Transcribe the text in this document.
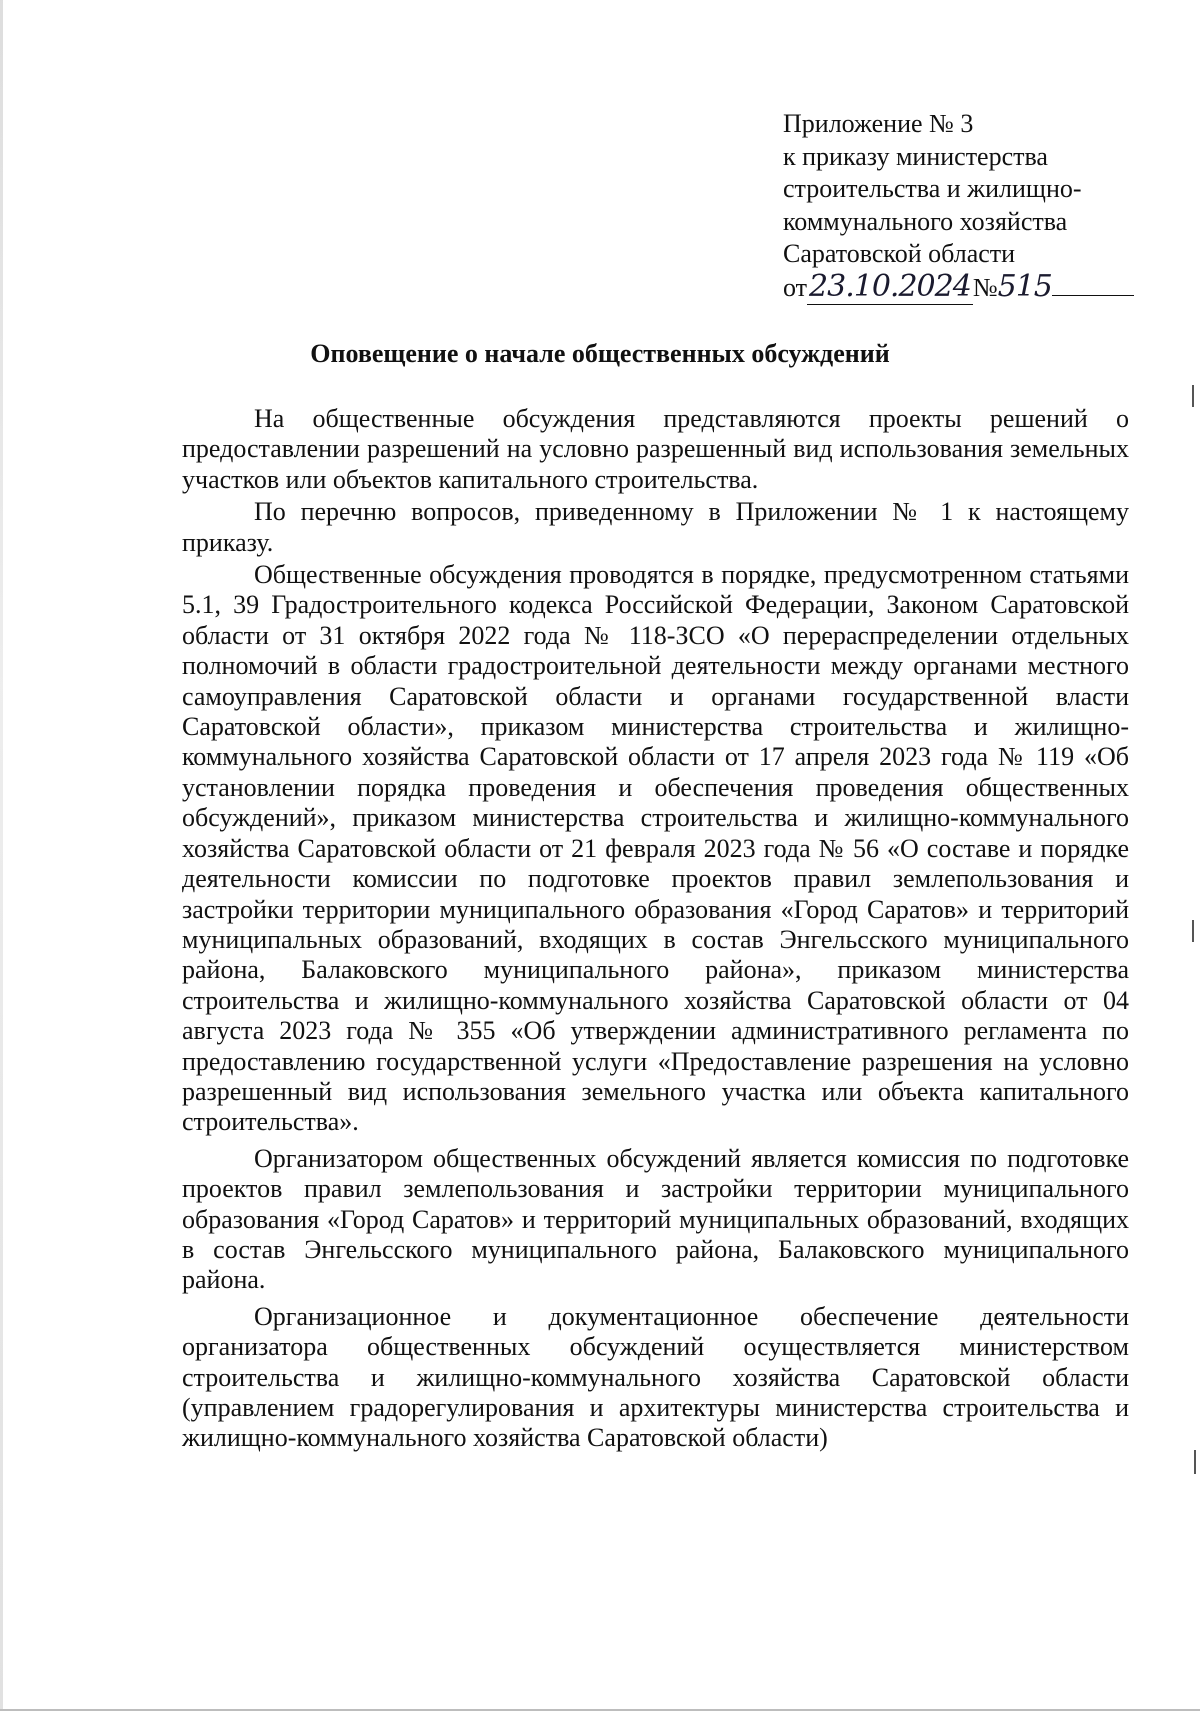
Приложение № 3
к приказу министерства
строительства и жилищно-
коммунального хозяйства
Саратовской области
от23.10.2024№515
Оповещение о начале общественных обсуждений

На общественные обсуждения представляются проекты решений о предоставлении разрешений на условно разрешенный вид использования земельных участков или объектов капитального строительства.

По перечню вопросов, приведенному в Приложении № 1 к настоящему приказу.

Общественные обсуждения проводятся в порядке, предусмотренном статьями 5.1, 39 Градостроительного кодекса Российской Федерации, Законом Саратовской области от 31 октября 2022 года № 118-ЗСО «О перераспределении отдельных полномочий в области градостроительной деятельности между органами местного самоуправления Саратовской области и органами государственной власти Саратовской области», приказом министерства строительства и жилищно-коммунального хозяйства Саратовской области от 17 апреля 2023 года № 119 «Об установлении порядка проведения и обеспечения проведения общественных обсуждений», приказом министерства строительства и жилищно-коммунального хозяйства Саратовской области от 21 февраля 2023 года № 56 «О составе и порядке деятельности комиссии по подготовке проектов правил землепользования и застройки территории муниципального образования «Город Саратов» и территорий муниципальных образований, входящих в состав Энгельсского муниципального района, Балаковского муниципального района», приказом министерства строительства и жилищно-коммунального хозяйства Саратовской области от 04 августа 2023 года № 355 «Об утверждении административного регламента по предоставлению государственной услуги «Предоставление разрешения на условно разрешенный вид использования земельного участка или объекта капитального строительства».

Организатором общественных обсуждений является комиссия по подготовке проектов правил землепользования и застройки территории муниципального образования «Город Саратов» и территорий муниципальных образований, входящих в состав Энгельсского муниципального района, Балаковского муниципального района.

Организационное и документационное обеспечение деятельности организатора общественных обсуждений осуществляется министерством строительства и жилищно-коммунального хозяйства Саратовской области (управлением градорегулирования и архитектуры министерства строительства и жилищно-коммунального хозяйства Саратовской области)
